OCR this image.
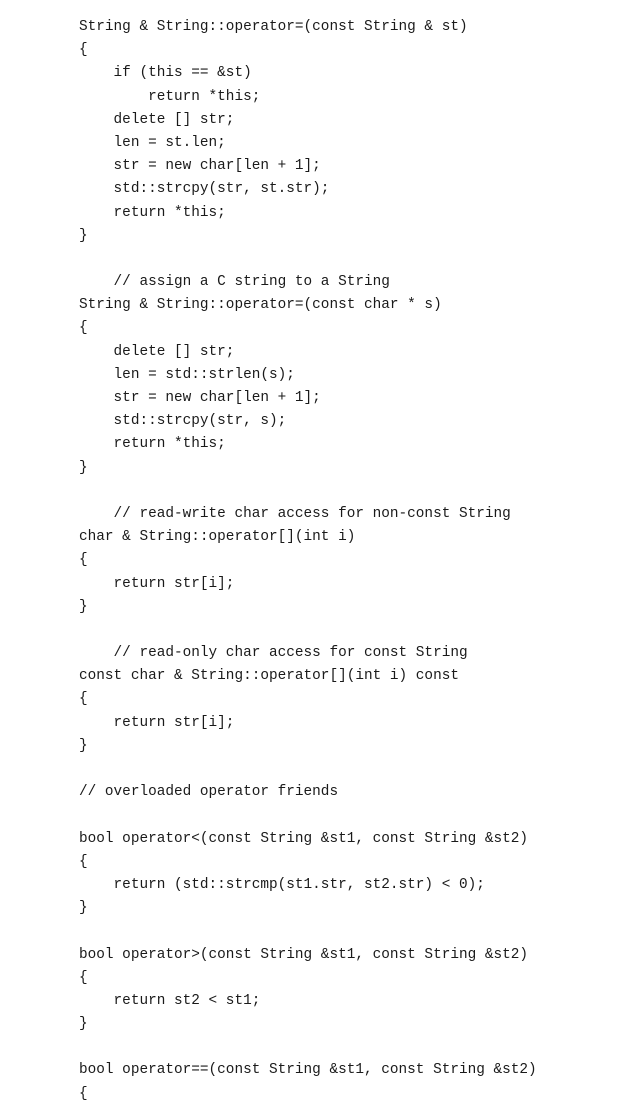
String & String::operator=(const String & st)
{
if (this == &st)
return *this;
delete [] str;
len = st.len;
str = new char[len + 1];
std::strcpy(str, st.str);
return *this;
}
// assign a C string to a String
String & String::operator=(const char * s)
{
delete [] str;
len = std::strlen(s);
str = new char[len + 1];
std::strcpy(str, s);
return *this;
}
// read-write char access for non-const String
char & String::operator[](int i)
{
return str[i];
}
// read-only char access for const String
const char & String::operator[](int i) const
{
return str[i];
}
// overloaded operator friends
bool operator<(const String &st1, const String &st2)
{
return (std::strcmp(st1.str, st2.str) < 0);
}
bool operator>(const String &st1, const String &st2)
{
return st2 < st1;
}
bool operator==(const String &st1, const String &st2)
{
